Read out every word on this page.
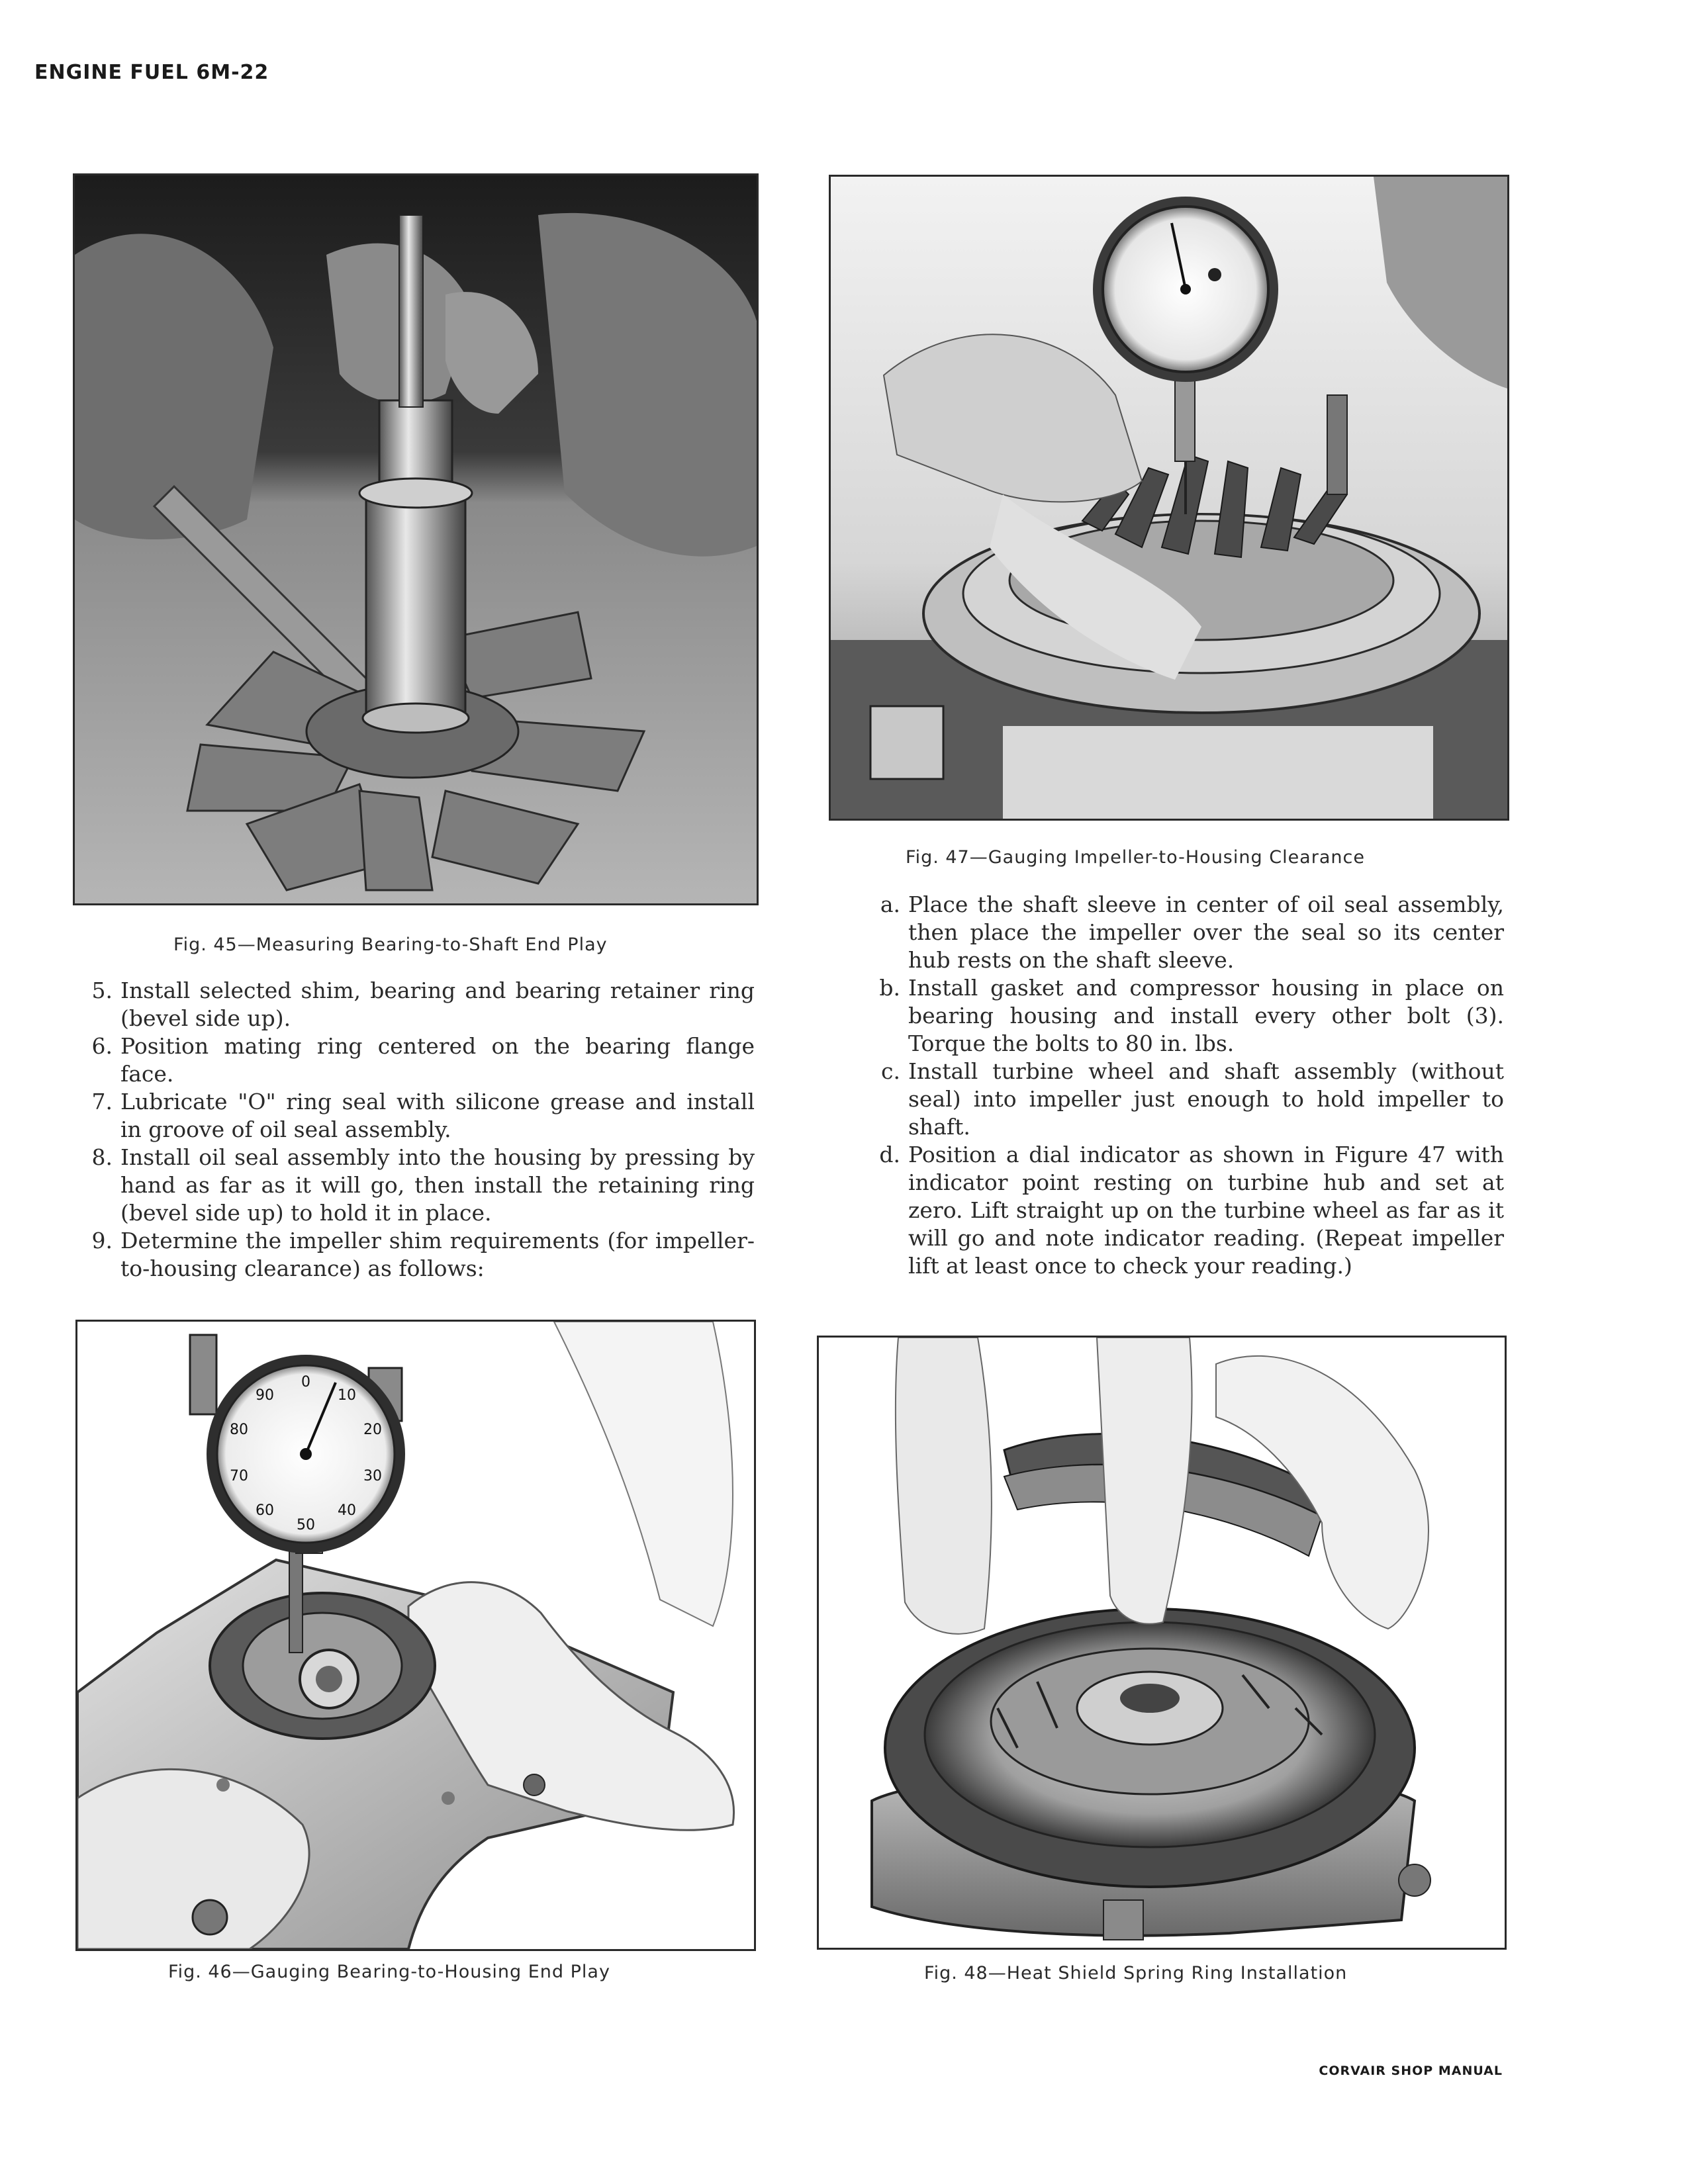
ENGINE FUEL 6M-22
CORVAIR SHOP MANUAL
Fig. 45—Measuring Bearing-to-Shaft End Play
5. Install selected shim, bearing and bearing retainer ring (bevel side up).
6. Position mating ring centered on the bearing flange face.
7. Lubricate "O" ring seal with silicone grease and install in groove of oil seal assembly.
8. Install oil seal assembly into the housing by pressing by hand as far as it will go, then install the retaining ring (bevel side up) to hold it in place.
9. Determine the impeller shim requirements (for impeller-to-housing clearance) as follows:
Fig. 47—Gauging Impeller-to-Housing Clearance
a. Place the shaft sleeve in center of oil seal assembly, then place the impeller over the seal so its center hub rests on the shaft sleeve.
b. Install gasket and compressor housing in place on bearing housing and install every other bolt (3). Torque the bolts to 80 in. lbs.
c. Install turbine wheel and shaft assembly (without seal) into impeller just enough to hold impeller to shaft.
d. Position a dial indicator as shown in Figure 47 with indicator point resting on turbine hub and set at zero. Lift straight up on the turbine wheel as far as it will go and note indicator reading. (Repeat impeller lift at least once to check your reading.)
0
10
20
30
40
50
60
70
80
90
Fig. 46—Gauging Bearing-to-Housing End Play	Fig. 48—Heat Shield Spring Ring Installation
